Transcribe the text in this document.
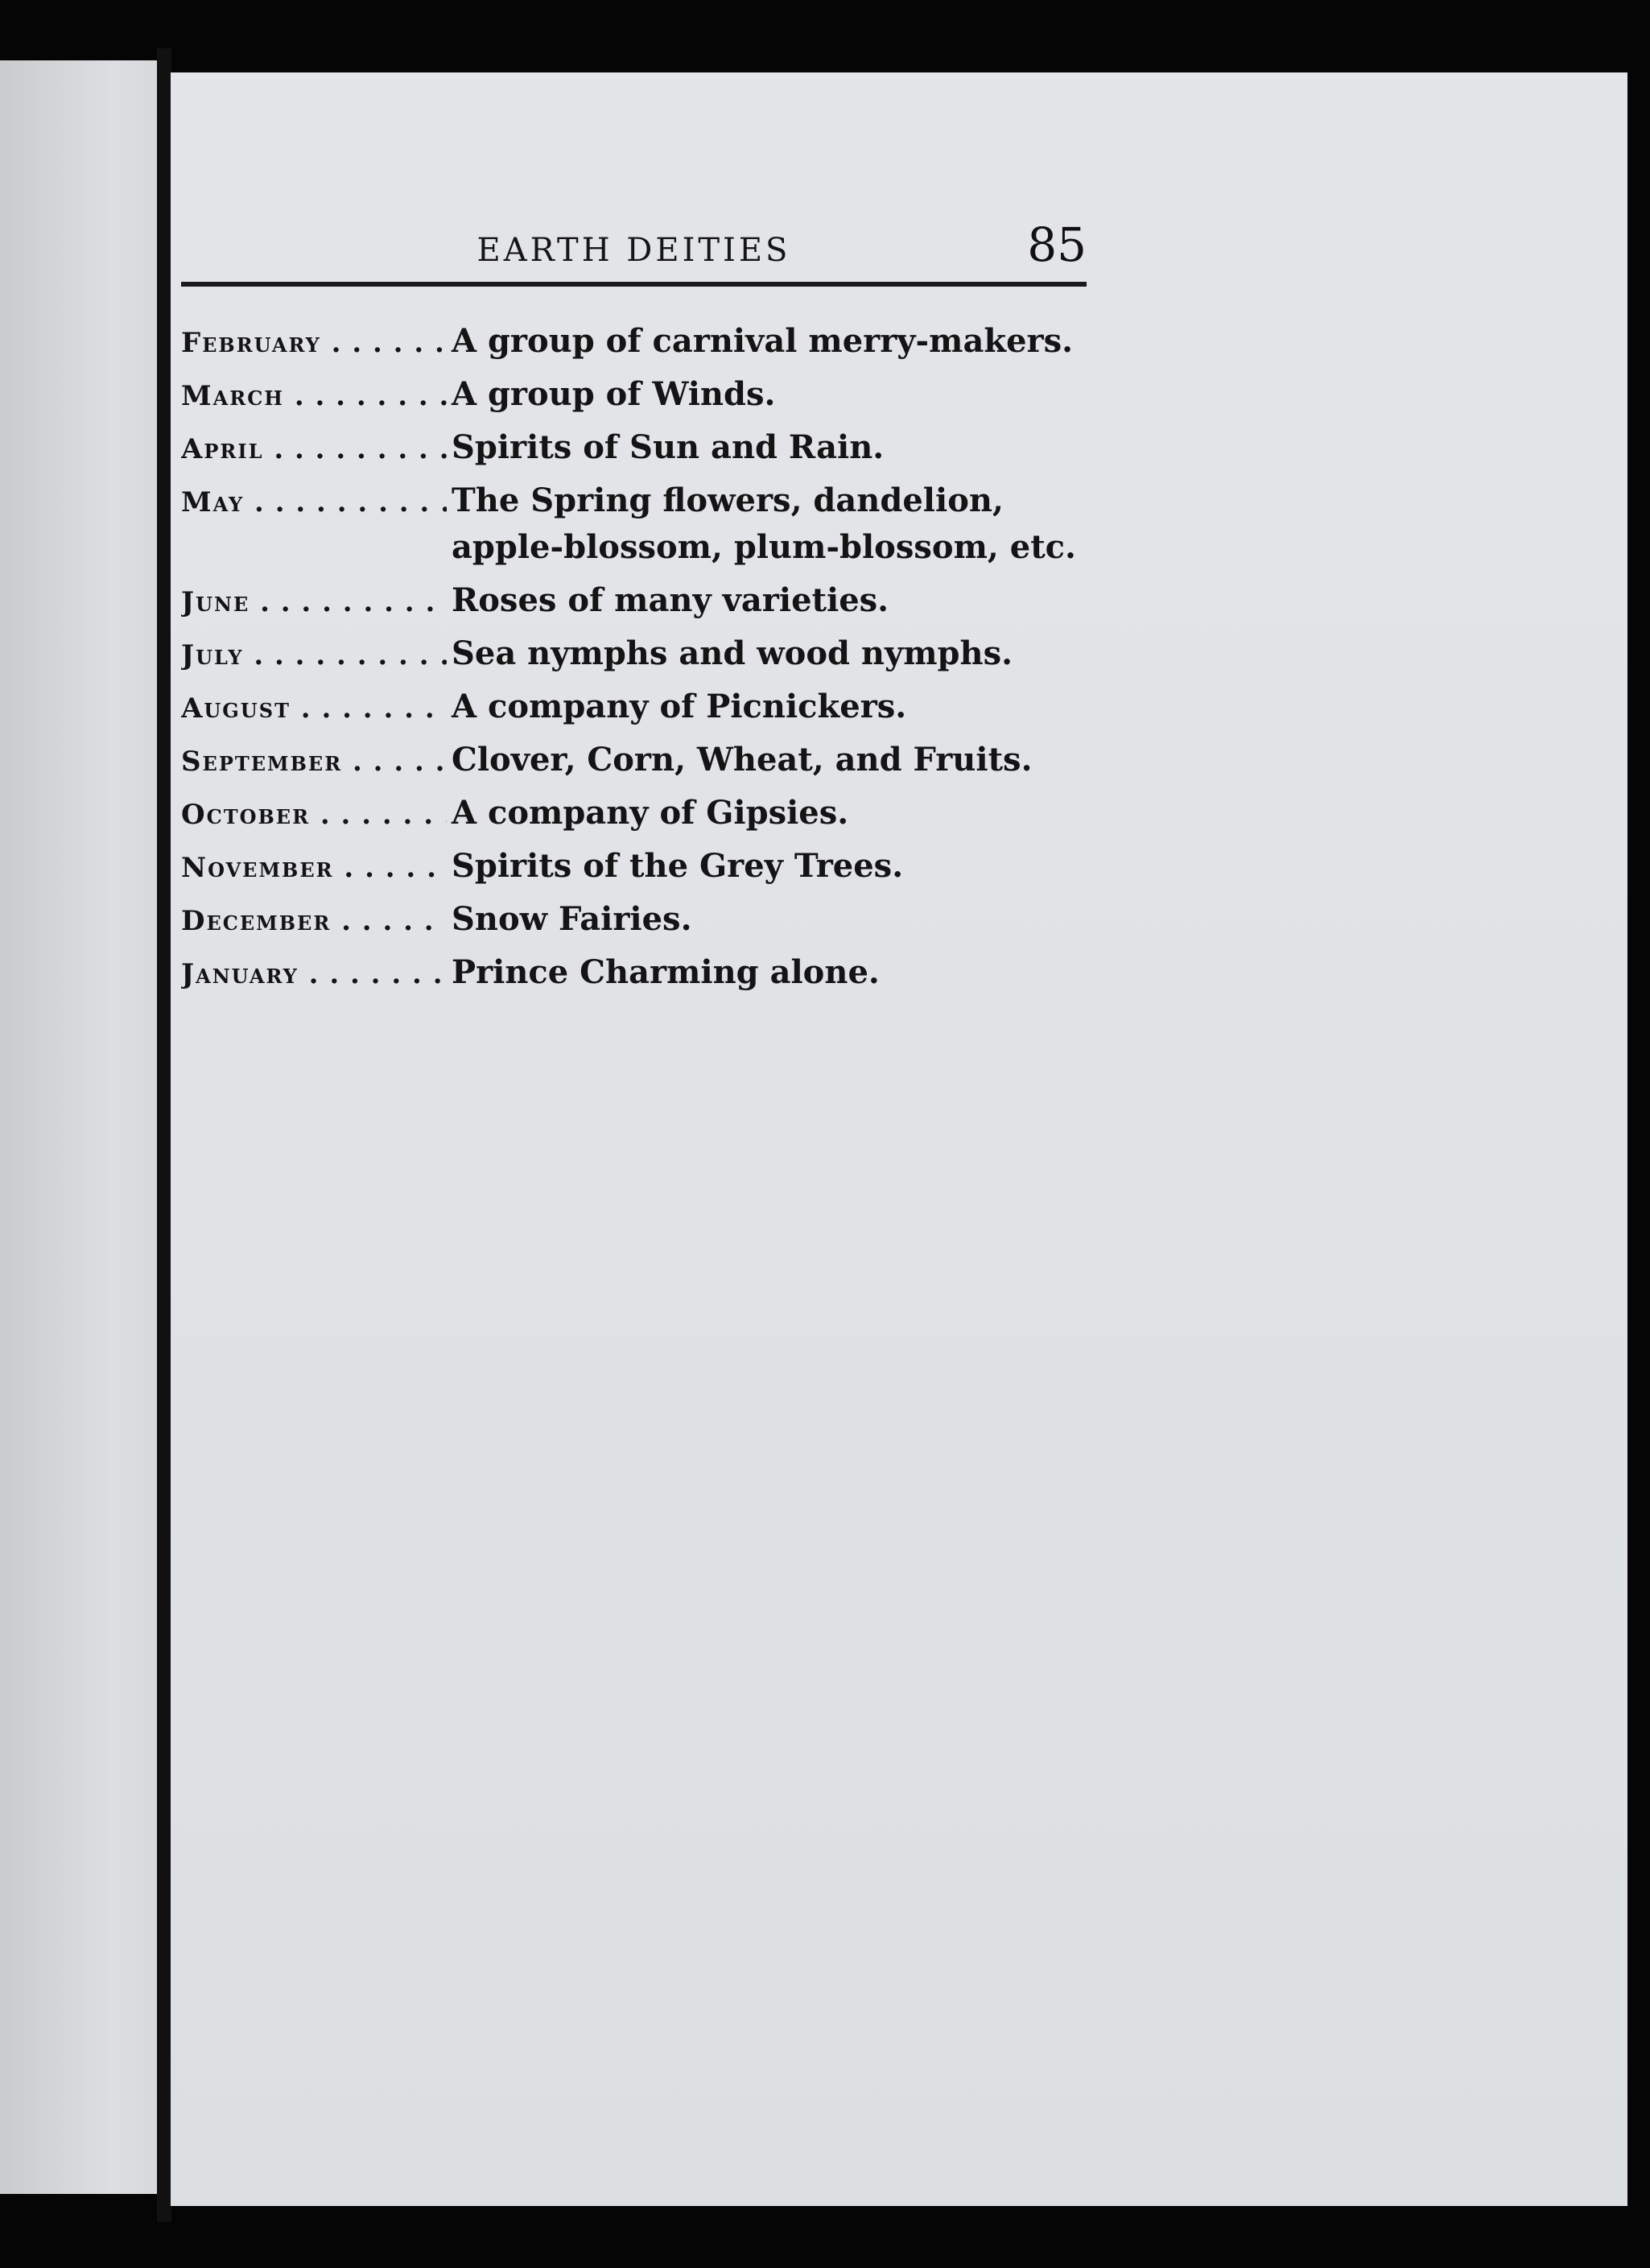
EARTH DEITIES	85
February . . .	A group of carnival merry-makers.
March . . .	A group of Winds.
April . . .	Spirits of Sun and Rain.
May . . .	The Spring flowers, dandelion, apple-blossom, plum-blossom, etc.
June . . .	Roses of many varieties.
July . . .	Sea nymphs and wood nymphs.
August . . .	A company of Picnickers.
September . . .	Clover, Corn, Wheat, and Fruits.
October . . .	A company of Gipsies.
November . . .	Spirits of the Grey Trees.
December . . .	Snow Fairies.
January . . .	Prince Charming alone.
